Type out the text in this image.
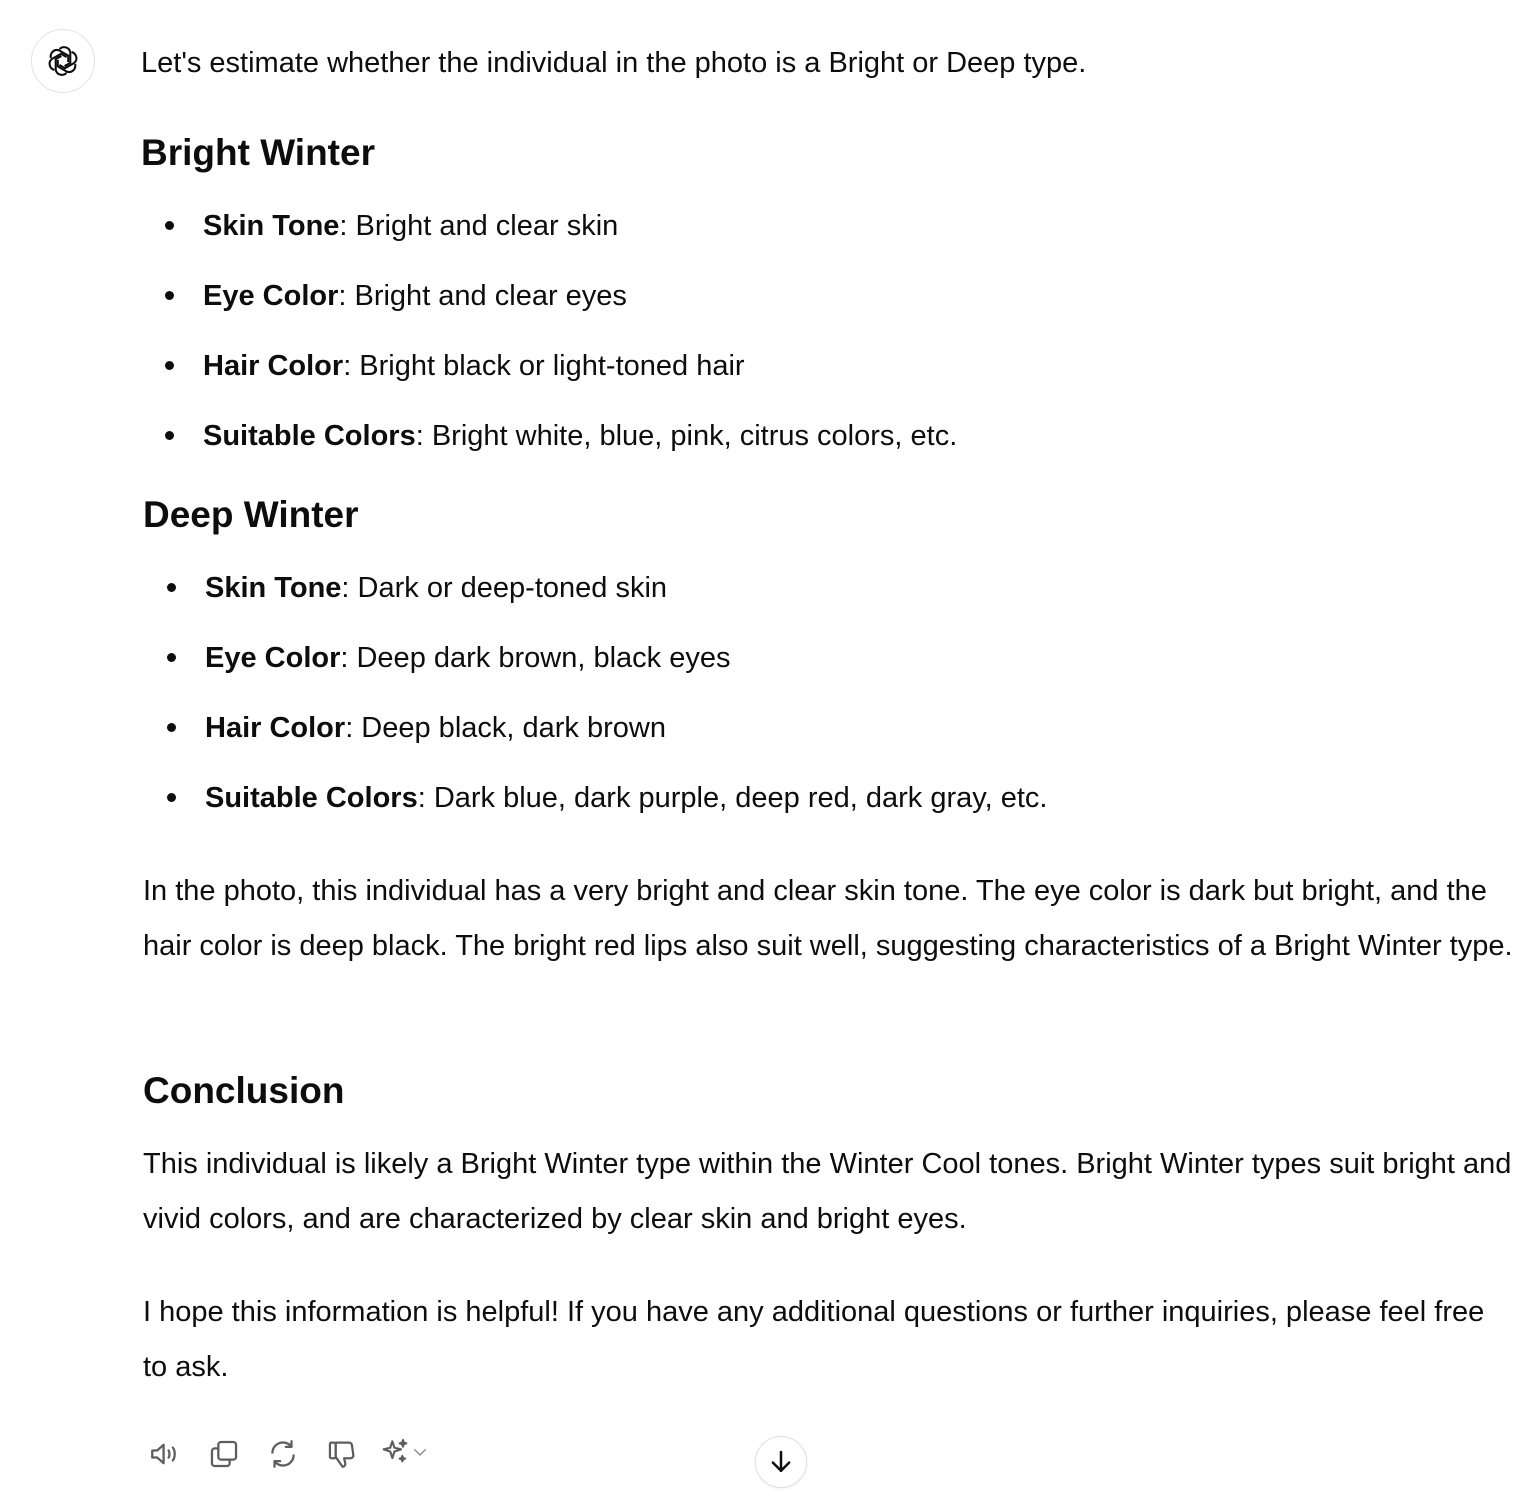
Let's estimate whether the individual in the photo is a Bright or Deep type.

Bright Winter
Skin Tone: Bright and clear skin
Eye Color: Bright and clear eyes
Hair Color: Bright black or light-toned hair
Suitable Colors: Bright white, blue, pink, citrus colors, etc.
Deep Winter
Skin Tone: Dark or deep-toned skin
Eye Color: Deep dark brown, black eyes
Hair Color: Deep black, dark brown
Suitable Colors: Dark blue, dark purple, deep red, dark gray, etc.

In the photo, this individual has a very bright and clear skin tone. The eye color is dark but bright, and the hair color is deep black. The bright red lips also suit well, suggesting characteristics of a Bright Winter type.

Conclusion

This individual is likely a Bright Winter type within the Winter Cool tones. Bright Winter types suit bright and vivid colors, and are characterized by clear skin and bright eyes.

I hope this information is helpful! If you have any additional questions or further inquiries, please feel free to ask.
